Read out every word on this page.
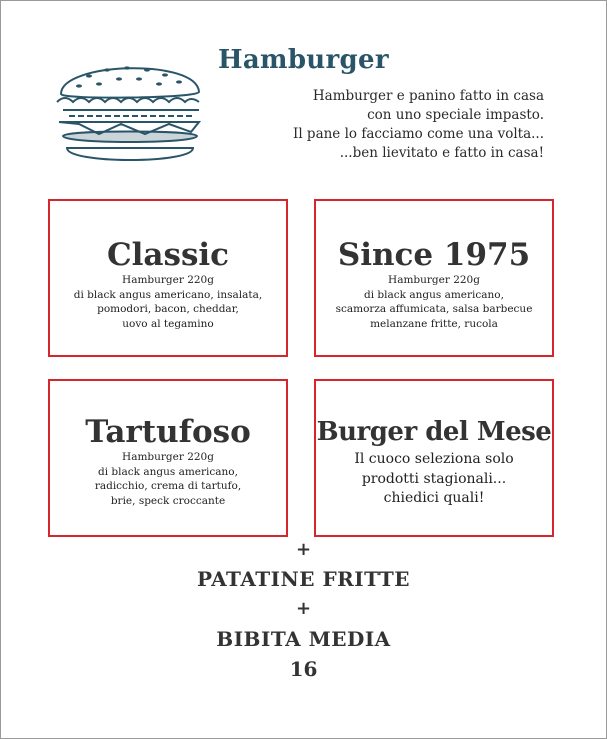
Hamburger
Hamburger e panino fatto in casa
con uno speciale impasto.
Il pane lo facciamo come una volta...
...ben lievitato e fatto in casa!
Classic
Hamburger 220g
di black angus americano, insalata,
pomodori, bacon, cheddar,
uovo al tegamino
Since 1975
Hamburger 220g
di black angus americano,
scamorza affumicata, salsa barbecue
melanzane fritte, rucola
Tartufoso
Hamburger 220g
di black angus americano,
radicchio, crema di tartufo,
brie, speck croccante
Burger del Mese
Il cuoco seleziona solo
prodotti stagionali...
chiedici quali!
+
PATATINE FRITTE
+
BIBITA MEDIA
16
